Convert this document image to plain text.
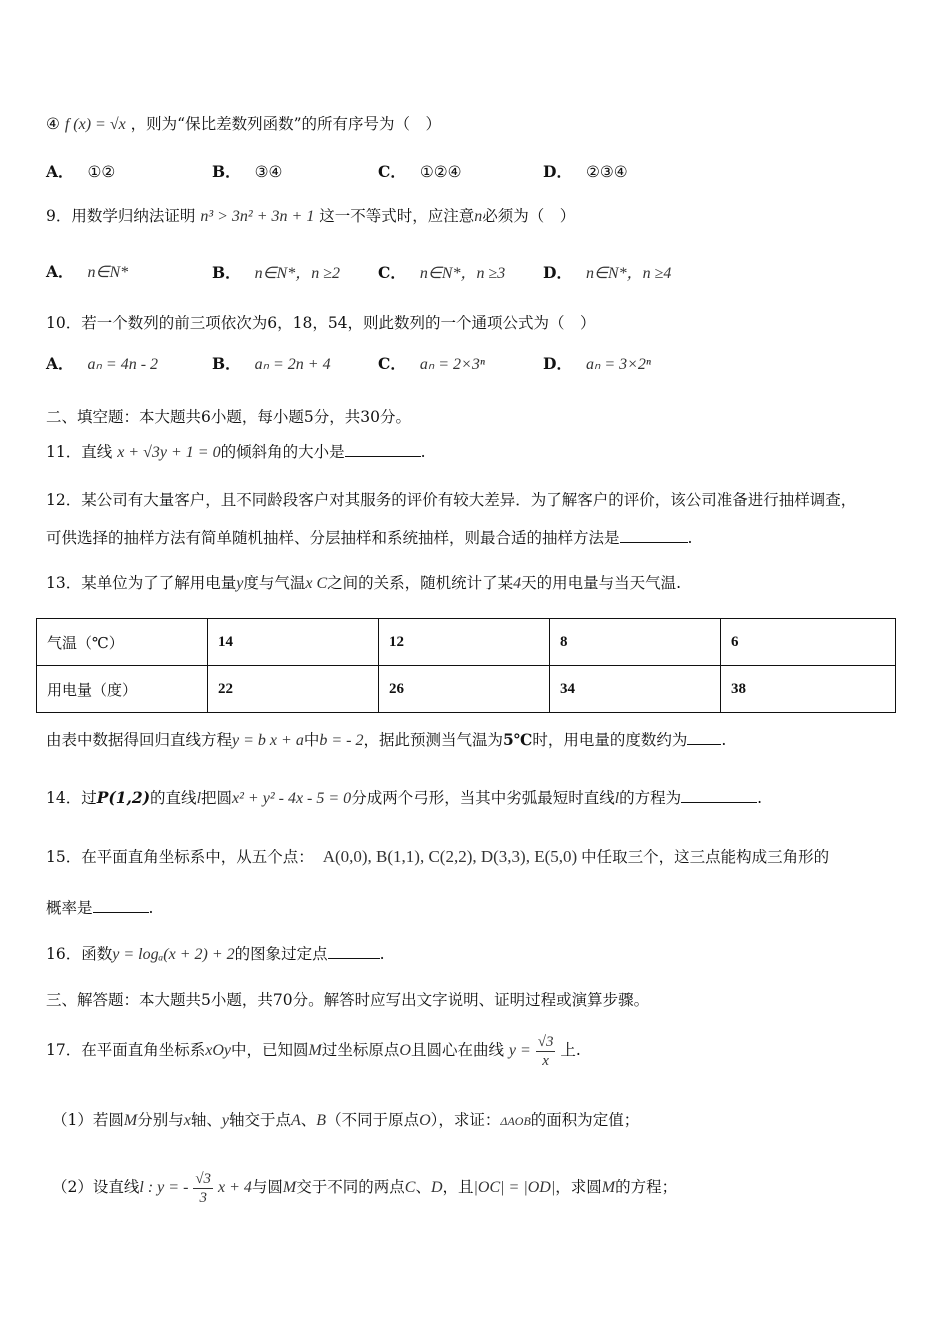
④ f (x) = √x ，则为“保比差数列函数”的所有序号为（　）
A． ①②	B． ③④	C． ①②④	D． ②③④
9．用数学归纳法证明 n³ > 3n² + 3n + 1 这一不等式时，应注意n必须为（　）
A． n∈N*	B． n∈N*，n ≥2 C． n∈N*，n ≥3 D． n∈N*，n ≥4
10．若一个数列的前三项依次为6，18，54，则此数列的一个通项公式为（　）
A． aₙ = 4n - 2	B． aₙ = 2n + 4	C． aₙ = 2×3ⁿ	D． aₙ = 3×2ⁿ
二、填空题：本大题共6小题，每小题5分，共30分。
11．直线 x + √3y + 1 = 0的倾斜角的大小是	.
12．某公司有大量客户，且不同龄段客户对其服务的评价有较大差异．为了解客户的评价，该公司准备进行抽样调查，
可供选择的抽样方法有简单随机抽样、分层抽样和系统抽样，则最合适的抽样方法是	.
13．某单位为了了解用电量y度与气温x C之间的关系，随机统计了某4天的用电量与当天气温.
气温（℃）	14	12	8	6
用电量（度）	22	26	34	38
由表中数据得回归直线方程y = b x + a中b = - 2，据此预测当气温为5℃时，用电量的度数约为 .
14．过P(1,2)的直线l把圆x² + y² - 4x - 5 = 0分成两个弓形，当其中劣弧最短时直线l的方程为	.
15．在平面直角坐标系中，从五个点： A(0,0), B(1,1), C(2,2), D(3,3), E(5,0) 中任取三个，这三点能构成三角形的
概率是	.
16．函数y = logₐ(x + 2) + 2的图象过定点	.
三、解答题：本大题共5小题，共70分。解答时应写出文字说明、证明过程或演算步骤。
17．在平面直角坐标系xOy中，已知圆M过坐标原点O且圆心在曲线 $y = \frac{√3}{x}$ 上.
（1）若圆M分别与x轴、y轴交于点A、B（不同于原点O），求证：ΔAOB的面积为定值；
（2）设直线l : y = - $\frac{√3}{3}$ x + 4与圆M交于不同的两点C、D，且|OC| = |OD|，求圆M的方程；
